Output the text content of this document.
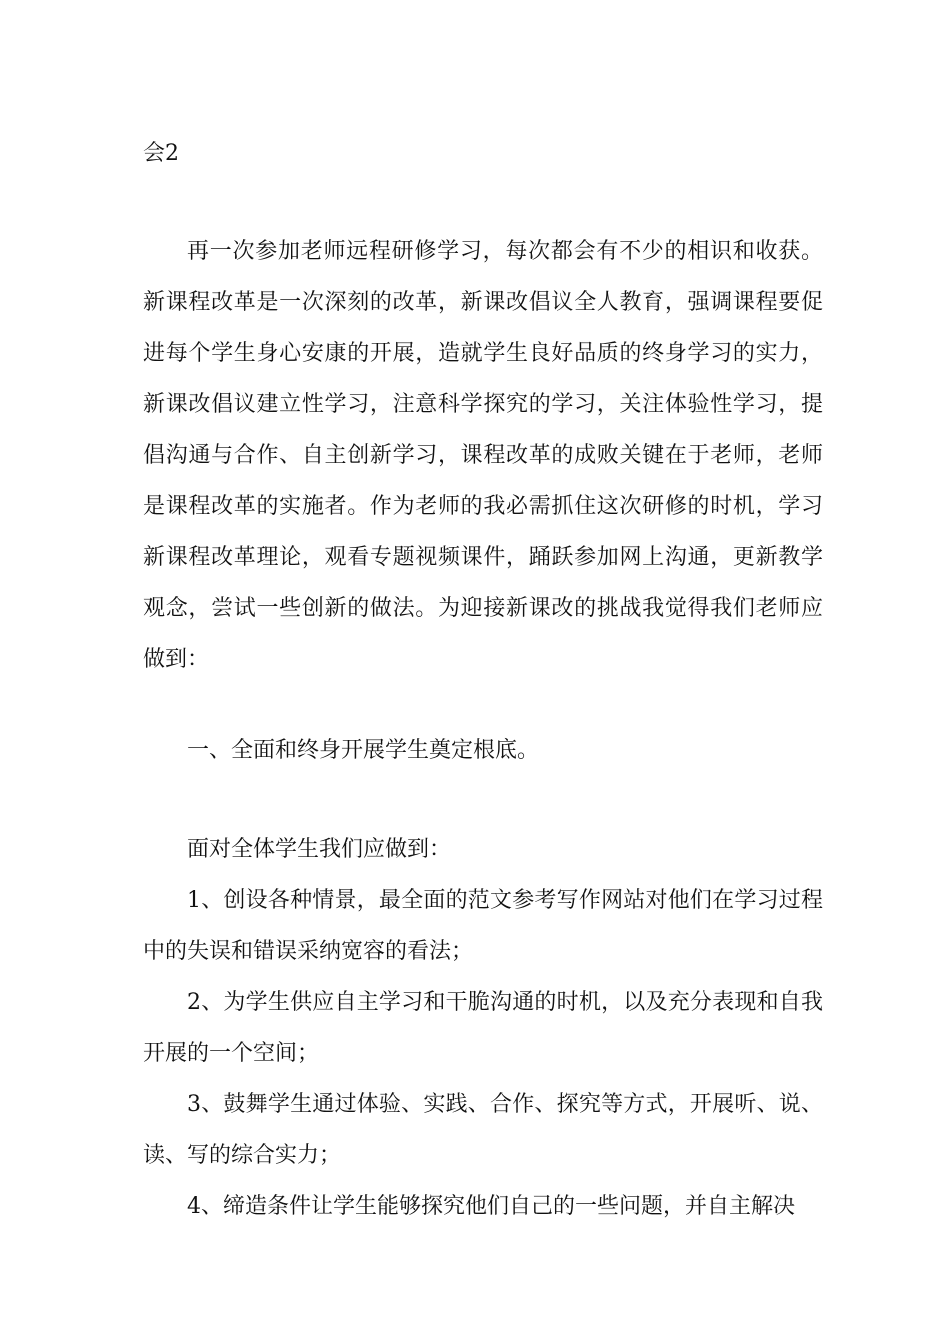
会2

再一次参加老师远程研修学习，每次都会有不少的相识和收获。新课程改革是一次深刻的改革，新课改倡议全人教育，强调课程要促进每个学生身心安康的开展，造就学生良好品质的终身学习的实力，新课改倡议建立性学习，注意科学探究的学习，关注体验性学习，提倡沟通与合作、自主创新学习，课程改革的成败关键在于老师，老师是课程改革的实施者。作为老师的我必需抓住这次研修的时机，学习新课程改革理论，观看专题视频课件，踊跃参加网上沟通，更新教学观念，尝试一些创新的做法。为迎接新课改的挑战我觉得我们老师应做到：

一、全面和终身开展学生奠定根底。

面对全体学生我们应做到：

1、创设各种情景，最全面的范文参考写作网站对他们在学习过程中的失误和错误采纳宽容的看法；

2、为学生供应自主学习和干脆沟通的时机，以及充分表现和自我开展的一个空间；

3、鼓舞学生通过体验、实践、合作、探究等方式，开展听、说、读、写的综合实力；

4、缔造条件让学生能够探究他们自己的一些问题，并自主解决
